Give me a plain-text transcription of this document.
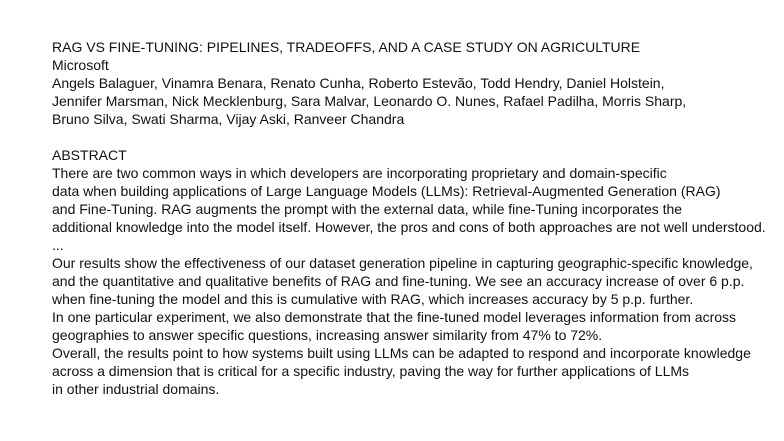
RAG VS FINE-TUNING: PIPELINES, TRADEOFFS, AND A CASE STUDY ON AGRICULTURE
Microsoft
Angels Balaguer, Vinamra Benara, Renato Cunha, Roberto Estevão, Todd Hendry, Daniel Holstein,
Jennifer Marsman, Nick Mecklenburg, Sara Malvar, Leonardo O. Nunes, Rafael Padilha, Morris Sharp,
Bruno Silva, Swati Sharma, Vijay Aski, Ranveer Chandra
ABSTRACT
There are two common ways in which developers are incorporating proprietary and domain-specific
data when building applications of Large Language Models (LLMs): Retrieval-Augmented Generation (RAG)
and Fine-Tuning. RAG augments the prompt with the external data, while fine-Tuning incorporates the
additional knowledge into the model itself. However, the pros and cons of both approaches are not well understood.
...
Our results show the effectiveness of our dataset generation pipeline in capturing geographic-specific knowledge,
and the quantitative and qualitative benefits of RAG and fine-tuning. We see an accuracy increase of over 6 p.p.
when fine-tuning the model and this is cumulative with RAG, which increases accuracy by 5 p.p. further.
In one particular experiment, we also demonstrate that the fine-tuned model leverages information from across
geographies to answer specific questions, increasing answer similarity from 47% to 72%.
Overall, the results point to how systems built using LLMs can be adapted to respond and incorporate knowledge
across a dimension that is critical for a specific industry, paving the way for further applications of LLMs
in other industrial domains.
